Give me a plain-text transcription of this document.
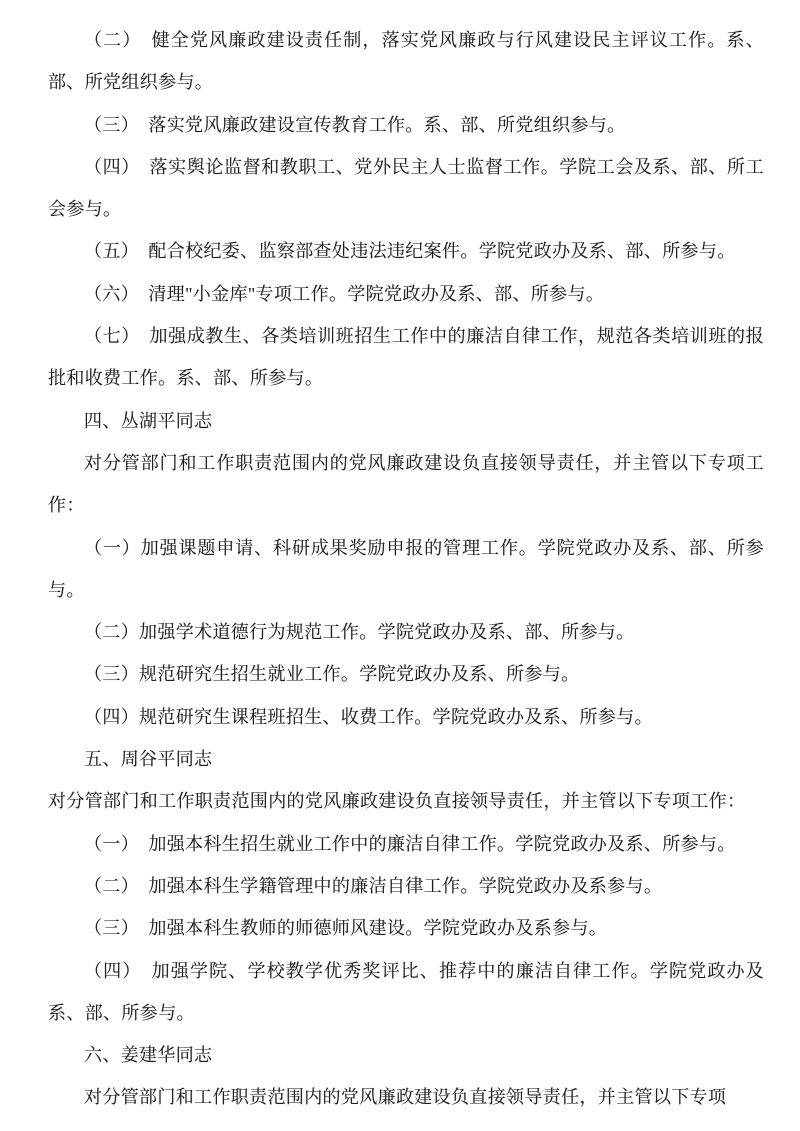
（二）　健全党风廉政建设责任制，落实党风廉政与行风建设民主评议工作。系、部、所党组织参与。

（三）　落实党风廉政建设宣传教育工作。系、部、所党组织参与。

（四）　落实舆论监督和教职工、党外民主人士监督工作。学院工会及系、部、所工会参与。

（五）　配合校纪委、监察部查处违法违纪案件。学院党政办及系、部、所参与。

（六）　清理"小金库"专项工作。学院党政办及系、部、所参与。

（七）　加强成教生、各类培训班招生工作中的廉洁自律工作，规范各类培训班的报批和收费工作。系、部、所参与。

四、丛湖平同志

对分管部门和工作职责范围内的党风廉政建设负直接领导责任，并主管以下专项工作：

（一）加强课题申请、科研成果奖励申报的管理工作。学院党政办及系、部、所参与。

（二）加强学术道德行为规范工作。学院党政办及系、部、所参与。

（三）规范研究生招生就业工作。学院党政办及系、所参与。

（四）规范研究生课程班招生、收费工作。学院党政办及系、所参与。

五、周谷平同志

对分管部门和工作职责范围内的党风廉政建设负直接领导责任，并主管以下专项工作：

（一）　加强本科生招生就业工作中的廉洁自律工作。学院党政办及系、所参与。

（二）　加强本科生学籍管理中的廉洁自律工作。学院党政办及系参与。

（三）　加强本科生教师的师德师风建设。学院党政办及系参与。

（四）　加强学院、学校教学优秀奖评比、推荐中的廉洁自律工作。学院党政办及系、部、所参与。

六、姜建华同志

对分管部门和工作职责范围内的党风廉政建设负直接领导责任，并主管以下专项
